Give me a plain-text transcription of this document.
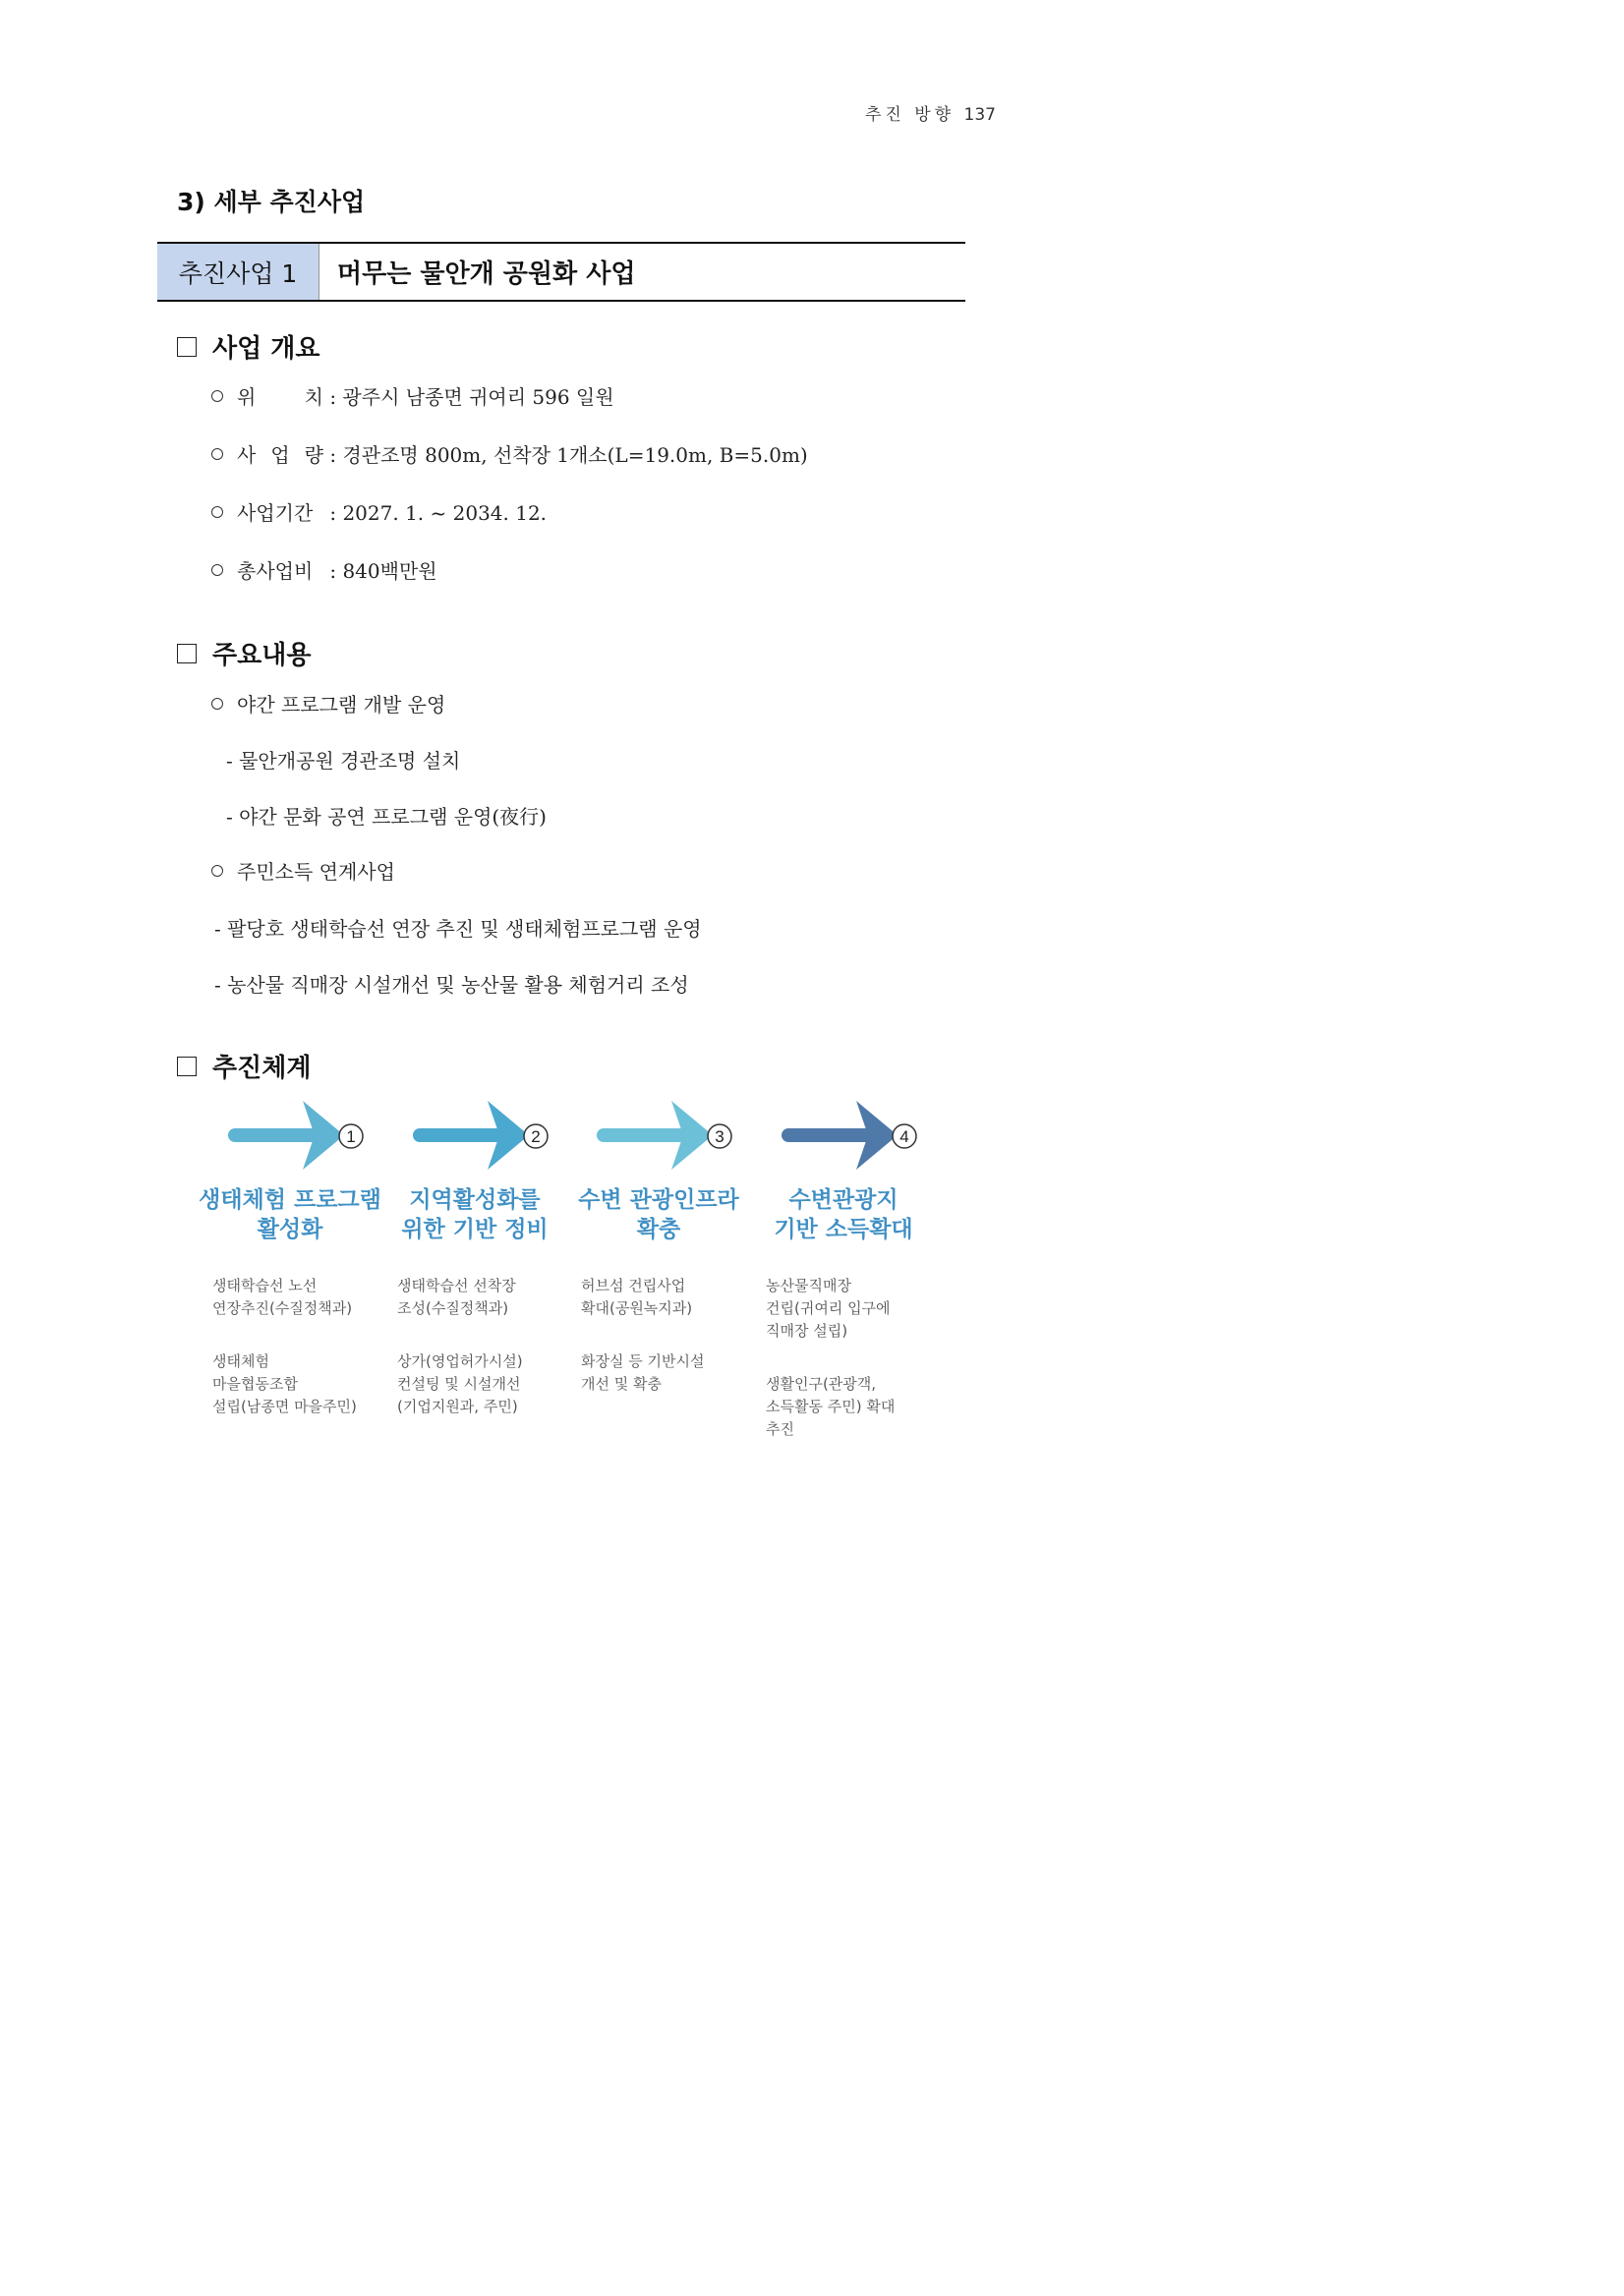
추진 방향 137
3) 세부 추진사업
추진사업 1	머무는 물안개 공원화 사업
사업 개요
위 치 : 광주시 남종면 귀여리 596 일원
사 업 량 : 경관조명 800m, 선착장 1개소(L=19.0m, B=5.0m)
사업기간 : 2027. 1. ~ 2034. 12.
총사업비 : 840백만원
주요내용
야간 프로그램 개발 운영
- 물안개공원 경관조명 설치
- 야간 문화 공연 프로그램 운영(夜行)
주민소득 연계사업
- 팔당호 생태학습선 연장 추진 및 생태체험프로그램 운영
- 농산물 직매장 시설개선 및 농산물 활용 체험거리 조성
추진체계
1
생태체험 프로그램
활성화

생태학습선 노선
연장추진(수질정책과)

생태체험
마을협동조합
설립(남종면 마을주민)

2
지역활성화를
위한 기반 정비

생태학습선 선착장
조성(수질정책과)

상가(영업허가시설)
컨설팅 및 시설개선
(기업지원과, 주민)

3
수변 관광인프라
확충

허브섬 건립사업
확대(공원녹지과)

화장실 등 기반시설
개선 및 확충

4
수변관광지
기반 소득확대

농산물직매장
건립(귀여리 입구에
직매장 설립)

생활인구(관광객,
소득활동 주민) 확대
추진
